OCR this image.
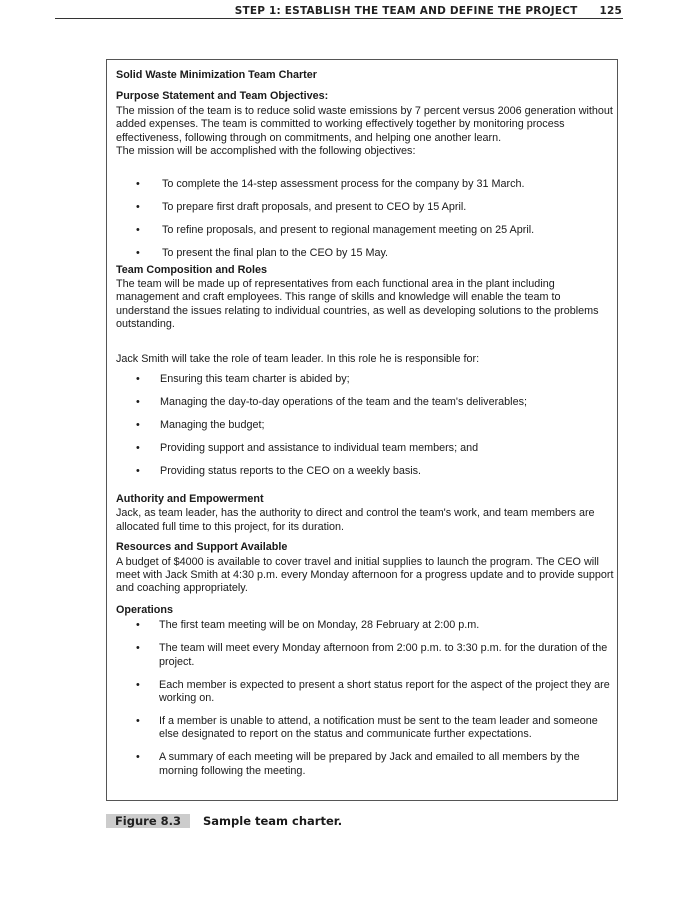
STEP 1: ESTABLISH THE TEAM AND DEFINE THE PROJECT 125

Solid Waste Minimization Team Charter

Purpose Statement and Team Objectives:

The mission of the team is to reduce solid waste emissions by 7 percent versus 2006 generation without added expenses. The team is committed to working effectively together by monitoring process effectiveness, following through on commitments, and helping one another learn.

The mission will be accomplished with the following objectives:

• To complete the 14-step assessment process for the company by 31 March.
• To prepare first draft proposals, and present to CEO by 15 April.
• To refine proposals, and present to regional management meeting on 25 April.
• To present the final plan to the CEO by 15 May.

Team Composition and Roles

The team will be made up of representatives from each functional area in the plant including management and craft employees. This range of skills and knowledge will enable the team to understand the issues relating to individual countries, as well as developing solutions to the problems outstanding.

Jack Smith will take the role of team leader. In this role he is responsible for:

• Ensuring this team charter is abided by;
• Managing the day-to-day operations of the team and the team's deliverables;
• Managing the budget;
• Providing support and assistance to individual team members; and
• Providing status reports to the CEO on a weekly basis.

Authority and Empowerment

Jack, as team leader, has the authority to direct and control the team's work, and team members are allocated full time to this project, for its duration.

Resources and Support Available

A budget of $4000 is available to cover travel and initial supplies to launch the program. The CEO will meet with Jack Smith at 4:30 p.m. every Monday afternoon for a progress update and to provide support and coaching appropriately.

Operations

• The first team meeting will be on Monday, 28 February at 2:00 p.m.
• The team will meet every Monday afternoon from 2:00 p.m. to 3:30 p.m. for the duration of the project.
• Each member is expected to present a short status report for the aspect of the project they are working on.
• If a member is unable to attend, a notification must be sent to the team leader and someone else designated to report on the status and communicate further expectations.
• A summary of each meeting will be prepared by Jack and emailed to all members by the morning following the meeting.
Figure 8.3	Sample team charter.
